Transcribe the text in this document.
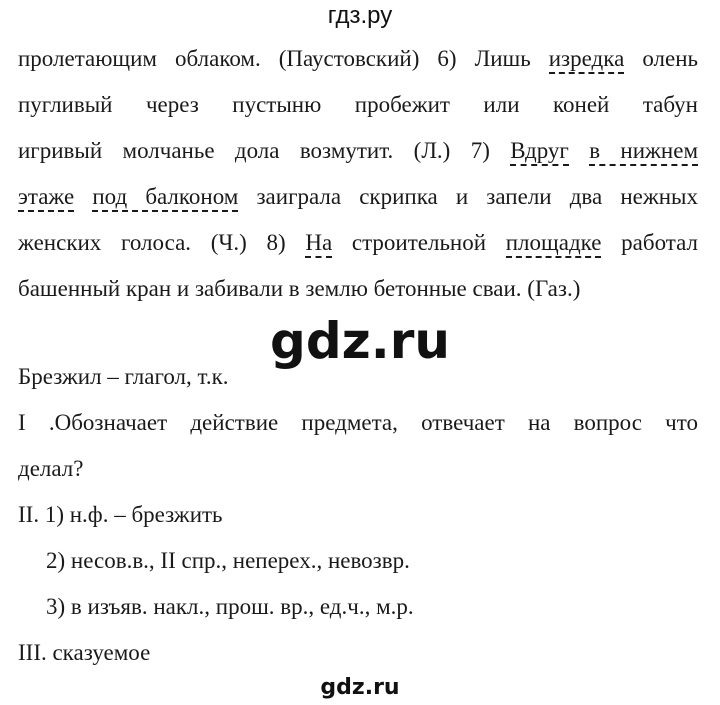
гдз.ру
пролетающим облаком. (Паустовский) 6) Лишь изредка олень
пугливый через пустыню пробежит или коней табун
игривый молчанье дола возмутит. (Л.) 7) Вдруг в нижнем
этаже под балконом заиграла скрипка и запели два нежных
женских голоса. (Ч.) 8) На строительной площадке работал
башенный кран и забивали в землю бетонные сваи. (Газ.)
gdz.ru
Брезжил – глагол, т.к.
I .Обозначает действие предмета, отвечает на вопрос что
делал?
II. 1) н.ф. – брезжить
2) несов.в., II спр., неперех., невозвр.
3) в изъяв. накл., прош. вр., ед.ч., м.р.
III. сказуемое
gdz.ru
